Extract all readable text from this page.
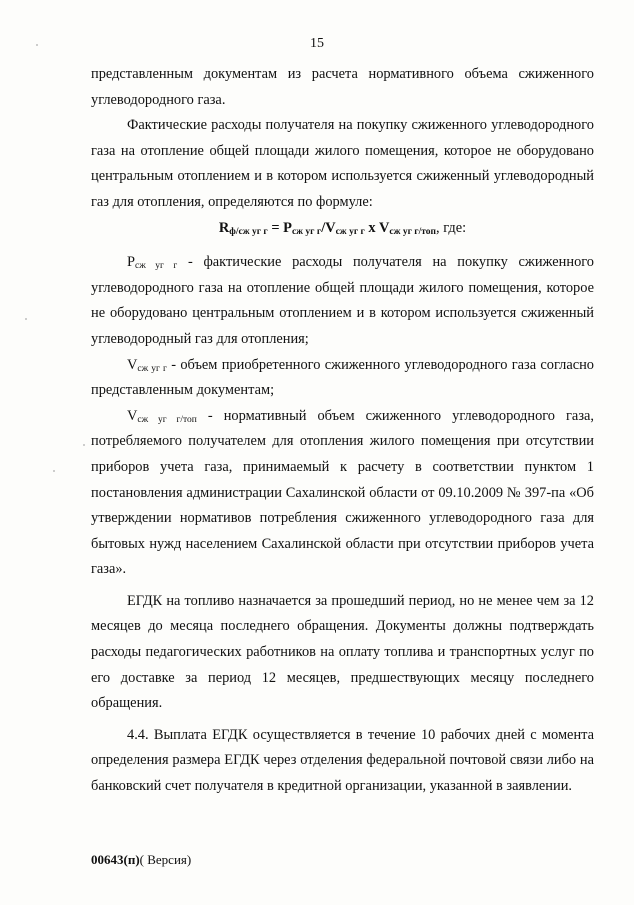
15

представленным документам из расчета нормативного объема сжиженного углеводородного газа.

Фактические расходы получателя на покупку сжиженного углеводородного газа на отопление общей площади жилого помещения, которое не оборудовано центральным отоплением и в котором используется сжиженный углеводородный газ для отопления, определяются по формуле:

$R_{ф/сж уг г} = P_{сж уг г}/V_{сж уг г}$ x $V_{сж уг г/топ}$, где:

$P_{сж уг г}$ - фактические расходы получателя на покупку сжиженного углеводородного газа на отопление общей площади жилого помещения, которое не оборудовано центральным отоплением и в котором используется сжиженный углеводородный газ для отопления;

$V_{сж уг г}$ - объем приобретенного сжиженного углеводородного газа согласно представленным документам;

$V_{сж уг г/топ}$ - нормативный объем сжиженного углеводородного газа, потребляемого получателем для отопления жилого помещения при отсутствии приборов учета газа, принимаемый к расчету в соответствии пунктом 1 постановления администрации Сахалинской области от 09.10.2009 № 397-па «Об утверждении нормативов потребления сжиженного углеводородного газа для бытовых нужд населением Сахалинской области при отсутствии приборов учета газа».

ЕГДК на топливо назначается за прошедший период, но не менее чем за 12 месяцев до месяца последнего обращения. Документы должны подтверждать расходы педагогических работников на оплату топлива и транспортных услуг по его доставке за период 12 месяцев, предшествующих месяцу последнего обращения.

4.4. Выплата ЕГДК осуществляется в течение 10 рабочих дней с момента определения размера ЕГДК через отделения федеральной почтовой связи либо на банковский счет получателя в кредитной организации, указанной в заявлении.

00643(п)( Версия)
